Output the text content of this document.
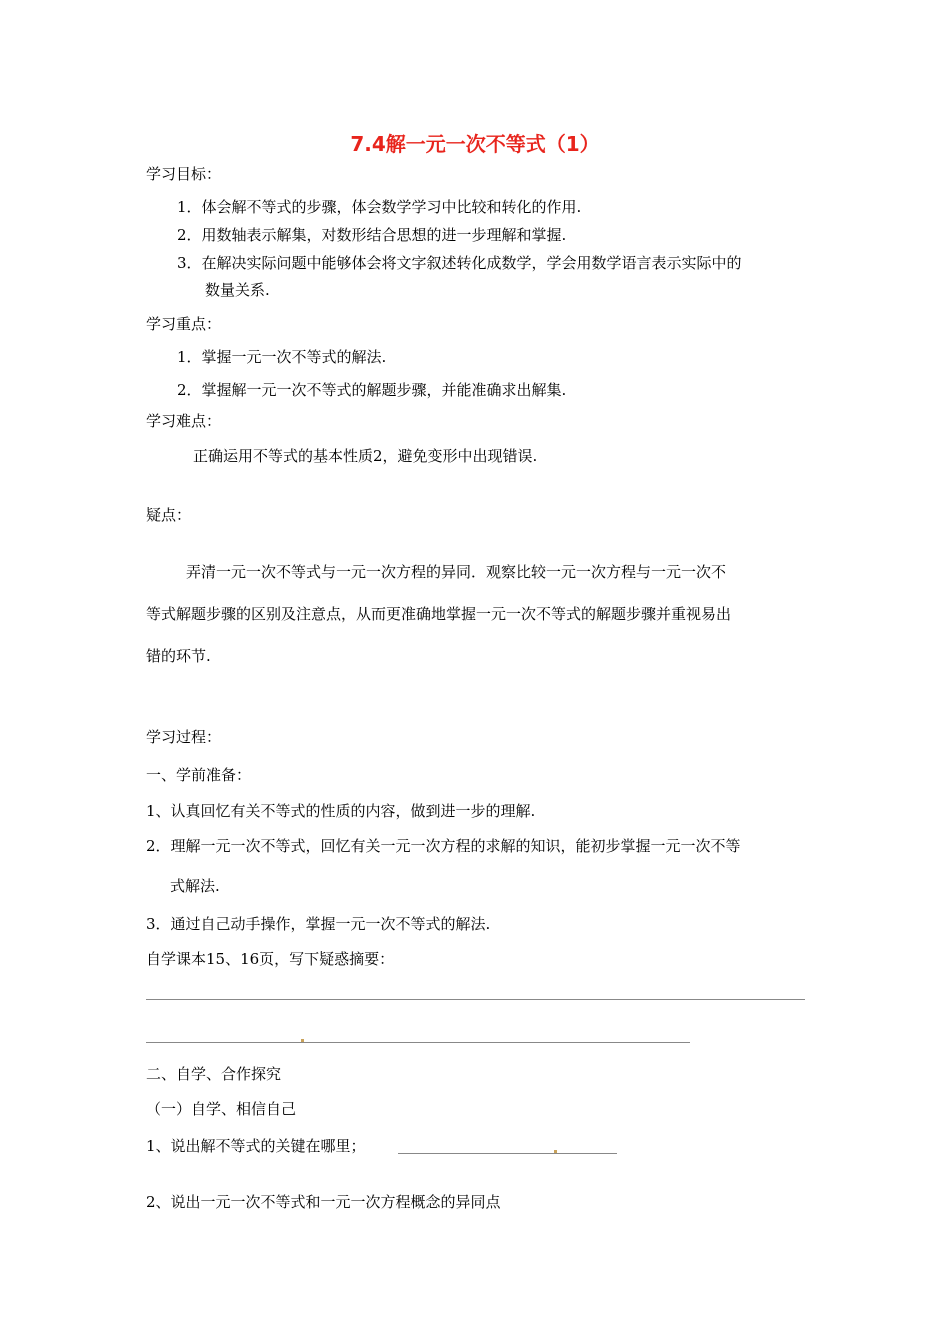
7.4解一元一次不等式（1）
学习目标：
1．体会解不等式的步骤，体会数学学习中比较和转化的作用.
2．用数轴表示解集，对数形结合思想的进一步理解和掌握.
3．在解决实际问题中能够体会将文字叙述转化成数学，学会用数学语言表示实际中的
数量关系.
学习重点：
1．掌握一元一次不等式的解法.
2．掌握解一元一次不等式的解题步骤，并能准确求出解集.
学习难点：
正确运用不等式的基本性质2，避免变形中出现错误.
疑点：
弄清一元一次不等式与一元一次方程的异同．观察比较一元一次方程与一元一次不
等式解题步骤的区别及注意点，从而更准确地掌握一元一次不等式的解题步骤并重视易出
错的环节.
学习过程：
一、学前准备：
1、认真回忆有关不等式的性质的内容，做到进一步的理解.
2．理解一元一次不等式，回忆有关一元一次方程的求解的知识，能初步掌握一元一次不等
式解法.
3．通过自己动手操作，掌握一元一次不等式的解法.
自学课本15、16页，写下疑惑摘要：
二、自学、合作探究
（一）自学、相信自己
1、说出解不等式的关键在哪里；
2、说出一元一次不等式和一元一次方程概念的异同点
